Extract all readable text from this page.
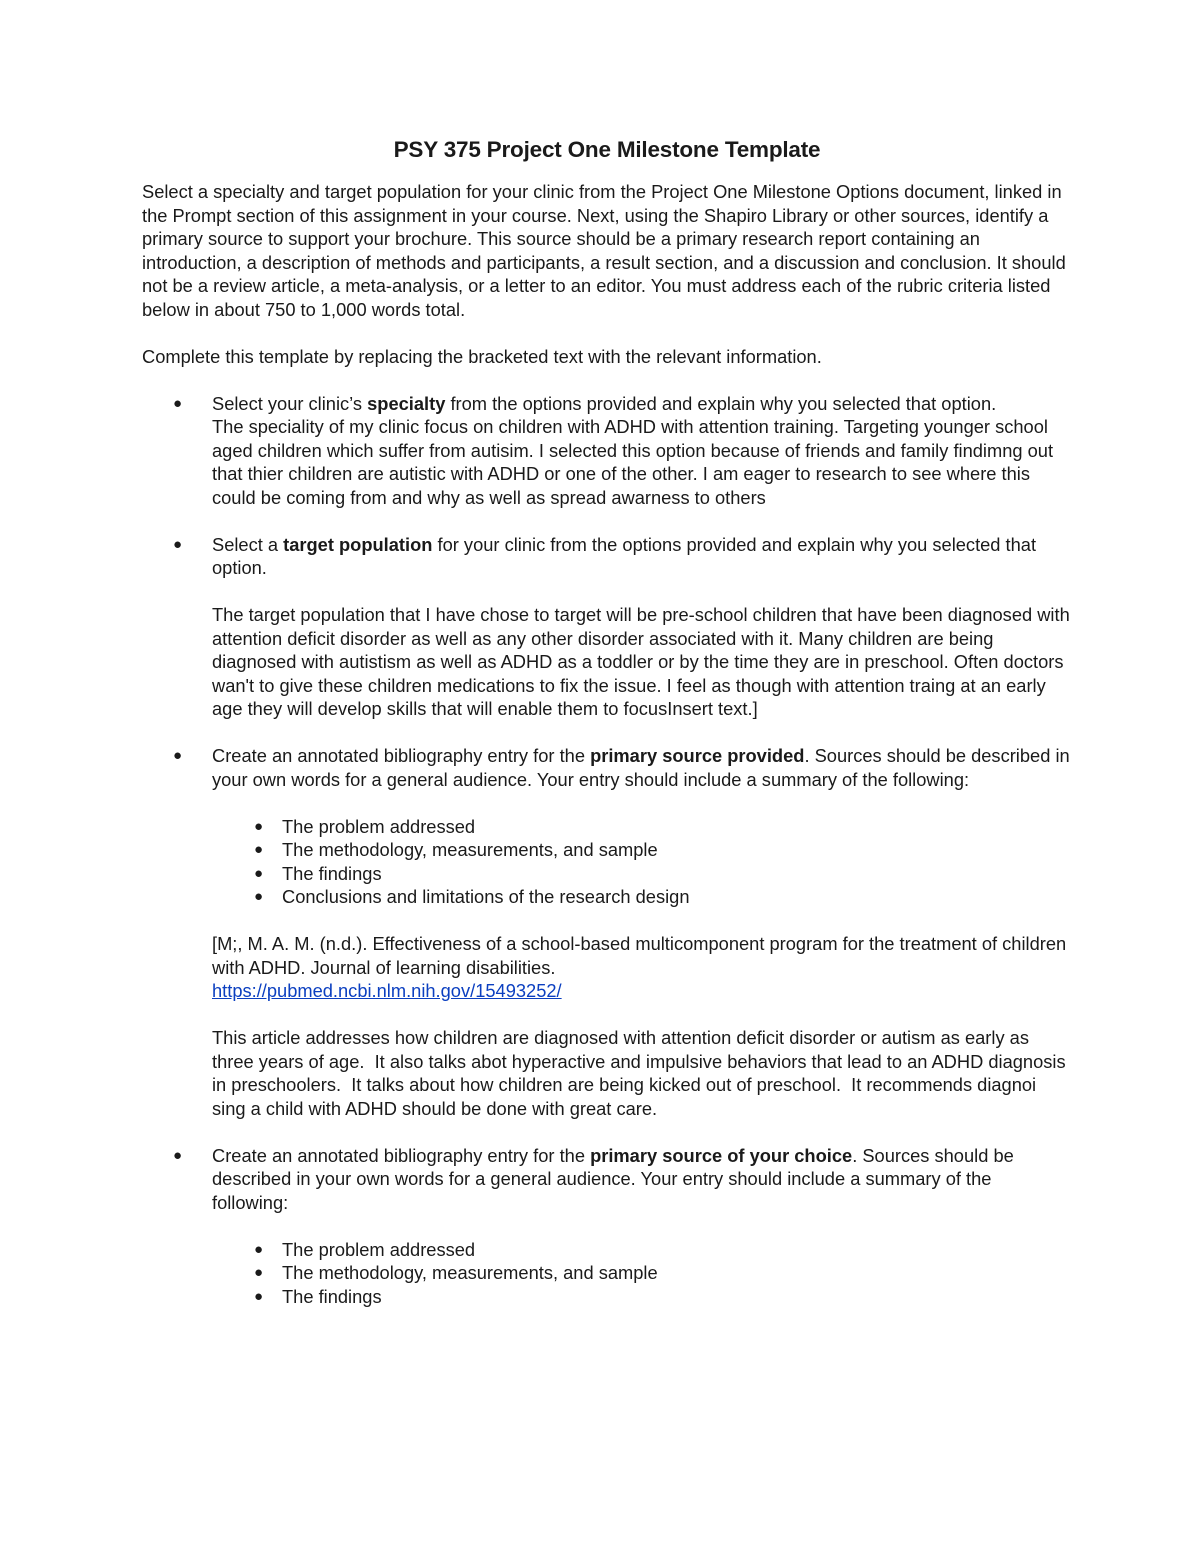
PSY 375 Project One Milestone Template

Select a specialty and target population for your clinic from the Project One Milestone Options document, linked in the Prompt section of this assignment in your course. Next, using the Shapiro Library or other sources, identify a primary source to support your brochure. This source should be a primary research report containing an introduction, a description of methods and participants, a result section, and a discussion and conclusion. It should not be a review article, a meta-analysis, or a letter to an editor. You must address each of the rubric criteria listed below in about 750 to 1,000 words total.

Complete this template by replacing the bracketed text with the relevant information.

● Select your clinic’s specialty from the options provided and explain why you selected that option.

The speciality of my clinic focus on children with ADHD with attention training. Targeting younger school aged children which suffer from autisim. I selected this option because of friends and family findimng out that thier children are autistic with ADHD or one of the other. I am eager to research to see where this could be coming from and why as well as spread awarness to others

● Select a target population for your clinic from the options provided and explain why you selected that option.

The target population that I have chose to target will be pre-school children that have been diagnosed with attention deficit disorder as well as any other disorder associated with it. Many children are being diagnosed with autistism as well as ADHD as a toddler or by the time they are in preschool. Often doctors wan't to give these children medications to fix the issue. I feel as though with attention traing at an early age they will develop skills that will enable them to focusInsert text.]

● Create an annotated bibliography entry for the primary source provided. Sources should be described in your own words for a general audience. Your entry should include a summary of the following:

●	The problem addressed

●	The methodology, measurements, and sample

●	The findings

●	Conclusions and limitations of the research design

[M;, M. A. M. (n.d.). Effectiveness of a school-based multicomponent program for the treatment of children with ADHD. Journal of learning disabilities.

https://pubmed.ncbi.nlm.nih.gov/15493252/

This article addresses how children are diagnosed with attention deficit disorder or autism as early as three years of age.  It also talks abot hyperactive and impulsive behaviors that lead to an ADHD diagnosis in preschoolers.  It talks about how children are being kicked out of preschool.  It recommends diagnoi     sing a child with ADHD should be done with great care.

● Create an annotated bibliography entry for the primary source of your choice. Sources should be described in your own words for a general audience. Your entry should include a summary of the following:

●	The problem addressed

●	The methodology, measurements, and sample

●	The findings
